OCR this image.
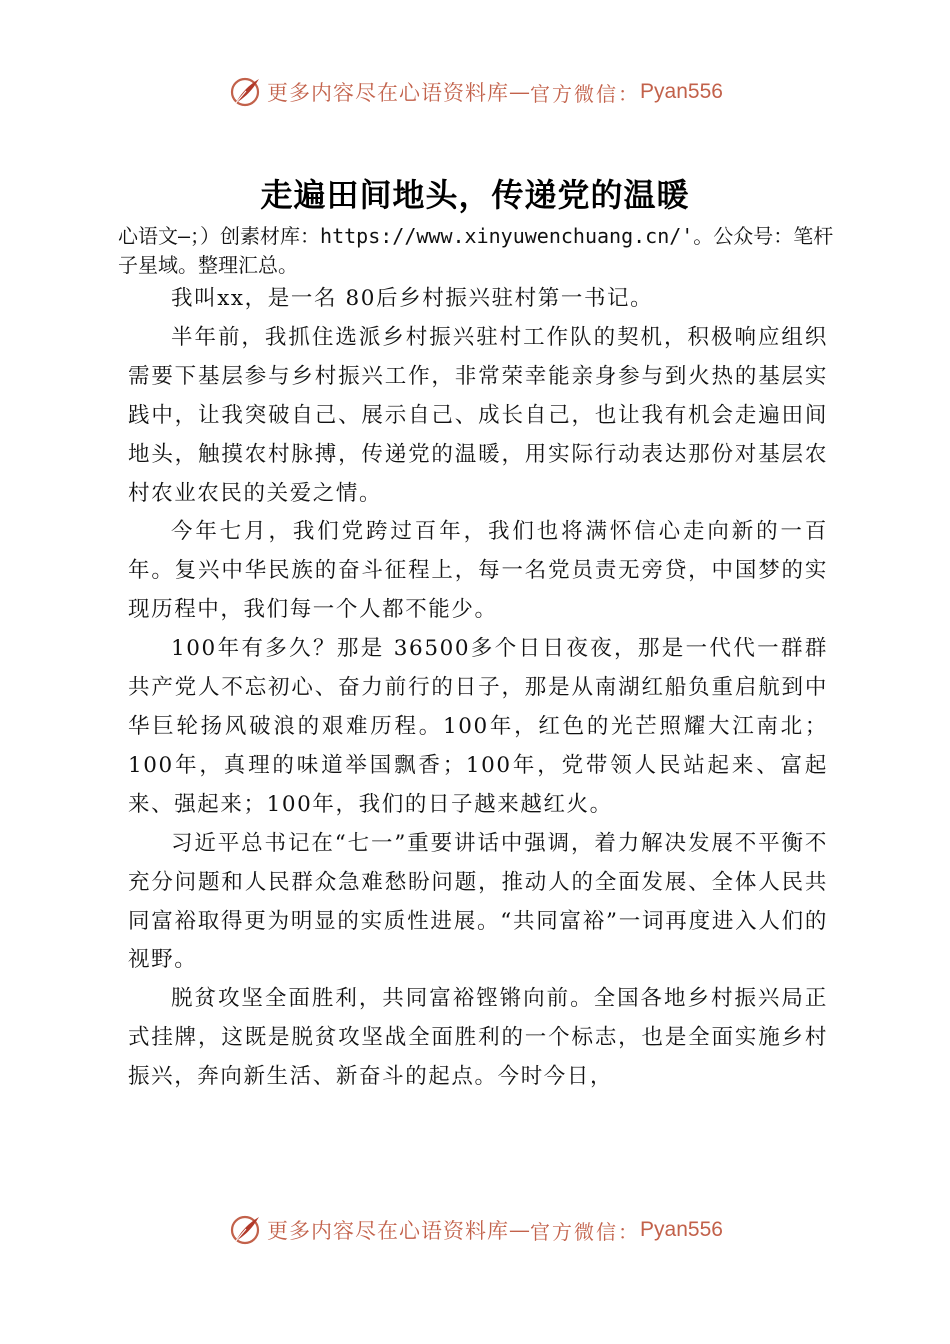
更多内容尽在心语资料库 — 官方微信： Pyan556
走遍田间地头，传递党的温暖
心语文—；）创素材库：https://www.xinyuwenchuang.cn/'。公众号：笔杆子星域。整理汇总。

我叫xx，是一名 80后乡村振兴驻村第一书记。

半年前，我抓住选派乡村振兴驻村工作队的契机，积极响应组织需要下基层参与乡村振兴工作，非常荣幸能亲身参与到火热的基层实践中，让我突破自己、展示自己、成长自己，也让我有机会走遍田间地头，触摸农村脉搏，传递党的温暖，用实际行动表达那份对基层农村农业农民的关爱之情。

今年七月，我们党跨过百年，我们也将满怀信心走向新的一百年。复兴中华民族的奋斗征程上，每一名党员责无旁贷，中国梦的实现历程中，我们每一个人都不能少。

100年有多久？那是 36500多个日日夜夜，那是一代代一群群共产党人不忘初心、奋力前行的日子，那是从南湖红船负重启航到中华巨轮扬风破浪的艰难历程。100年，红色的光芒照耀大江南北；100年，真理的味道举国飘香；100年，党带领人民站起来、富起来、强起来；100年，我们的日子越来越红火。

习近平总书记在“七一”重要讲话中强调，着力解决发展不平衡不充分问题和人民群众急难愁盼问题，推动人的全面发展、全体人民共同富裕取得更为明显的实质性进展。“共同富裕”一词再度进入人们的视野。

脱贫攻坚全面胜利，共同富裕铿锵向前。全国各地乡村振兴局正式挂牌，这既是脱贫攻坚战全面胜利的一个标志，也是全面实施乡村振兴，奔向新生活、新奋斗的起点。今时今日，

更多内容尽在心语资料库 — 官方微信： Pyan556
